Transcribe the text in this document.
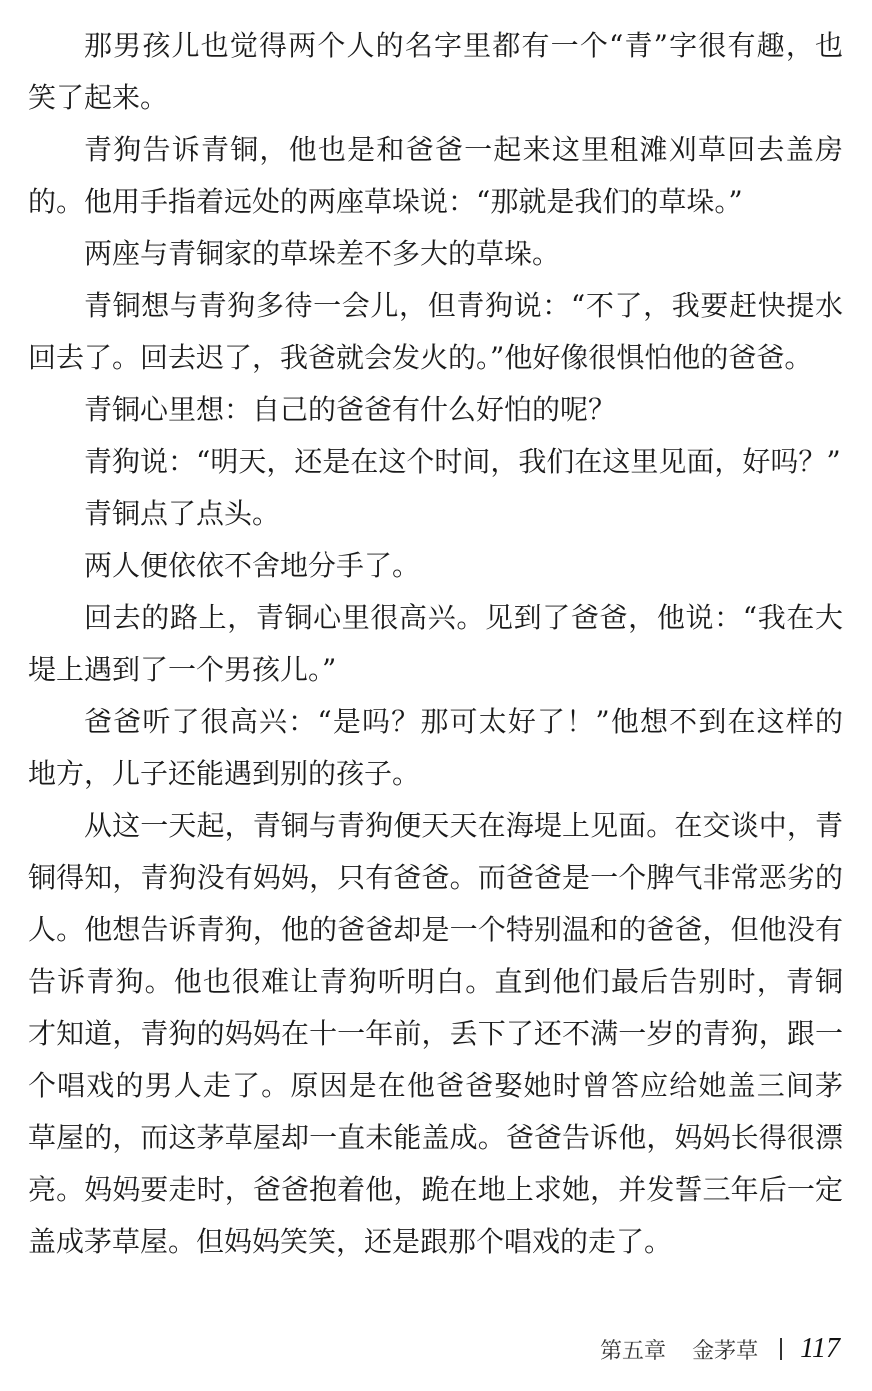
那男孩儿也觉得两个人的名字里都有一个“青”字很有趣，也
笑了起来。
青狗告诉青铜，他也是和爸爸一起来这里租滩刈草回去盖房
的。他用手指着远处的两座草垛说：“那就是我们的草垛。”
两座与青铜家的草垛差不多大的草垛。
青铜想与青狗多待一会儿，但青狗说：“不了，我要赶快提水
回去了。回去迟了，我爸就会发火的。”他好像很惧怕他的爸爸。
青铜心里想：自己的爸爸有什么好怕的呢？
青狗说：“明天，还是在这个时间，我们在这里见面，好吗？”
青铜点了点头。
两人便依依不舍地分手了。
回去的路上，青铜心里很高兴。见到了爸爸，他说：“我在大
堤上遇到了一个男孩儿。”
爸爸听了很高兴：“是吗？那可太好了！”他想不到在这样的
地方，儿子还能遇到别的孩子。
从这一天起，青铜与青狗便天天在海堤上见面。在交谈中，青
铜得知，青狗没有妈妈，只有爸爸。而爸爸是一个脾气非常恶劣的
人。他想告诉青狗，他的爸爸却是一个特别温和的爸爸，但他没有
告诉青狗。他也很难让青狗听明白。直到他们最后告别时，青铜
才知道，青狗的妈妈在十一年前，丢下了还不满一岁的青狗，跟一
个唱戏的男人走了。原因是在他爸爸娶她时曾答应给她盖三间茅
草屋的，而这茅草屋却一直未能盖成。爸爸告诉他，妈妈长得很漂
亮。妈妈要走时，爸爸抱着他，跪在地上求她，并发誓三年后一定
盖成茅草屋。但妈妈笑笑，还是跟那个唱戏的走了。
第五章 金茅草 117
